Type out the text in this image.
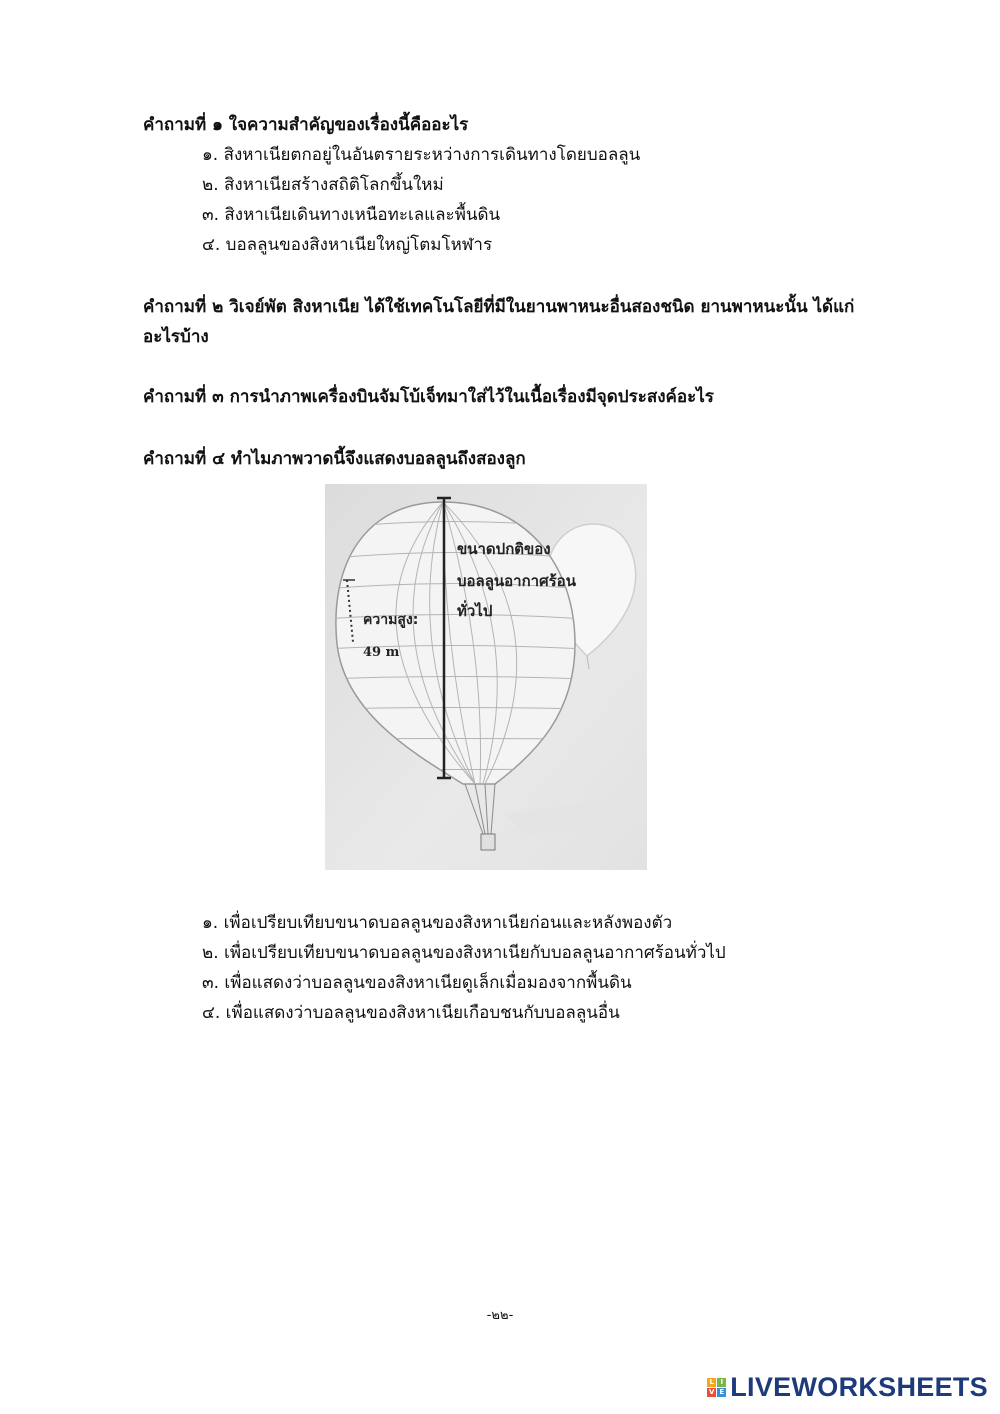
คำถามที่ ๑ ใจความสำคัญของเรื่องนี้คืออะไร
๑. สิงหาเนียตกอยู่ในอันตรายระหว่างการเดินทางโดยบอลลูน
๒. สิงหาเนียสร้างสถิติโลกขึ้นใหม่
๓. สิงหาเนียเดินทางเหนือทะเลและพื้นดิน
๔. บอลลูนของสิงหาเนียใหญ่โตมโหฬาร
คำถามที่ ๒ วิเจย์พัต สิงหาเนีย ได้ใช้เทคโนโลยีที่มีในยานพาหนะอื่นสองชนิด ยานพาหนะนั้น ได้แก่ อะไรบ้าง
คำถามที่ ๓ การนำภาพเครื่องบินจัมโบ้เจ็ทมาใส่ไว้ในเนื้อเรื่องมีจุดประสงค์อะไร
คำถามที่ ๔ ทำไมภาพวาดนี้จึงแสดงบอลลูนถึงสองลูก
ขนาดปกติของ
บอลลูนอากาศร้อน
ทั่วไป
ความสูง:
49 m
๑. เพื่อเปรียบเทียบขนาดบอลลูนของสิงหาเนียก่อนและหลังพองตัว
๒. เพื่อเปรียบเทียบขนาดบอลลูนของสิงหาเนียกับบอลลูนอากาศร้อนทั่วไป
๓. เพื่อแสดงว่าบอลลูนของสิงหาเนียดูเล็กเมื่อมองจากพื้นดิน
๔. เพื่อแสดงว่าบอลลูนของสิงหาเนียเกือบชนกับบอลลูนอื่น
-๒๒-
L I
V E LIVEWORKSHEETS
